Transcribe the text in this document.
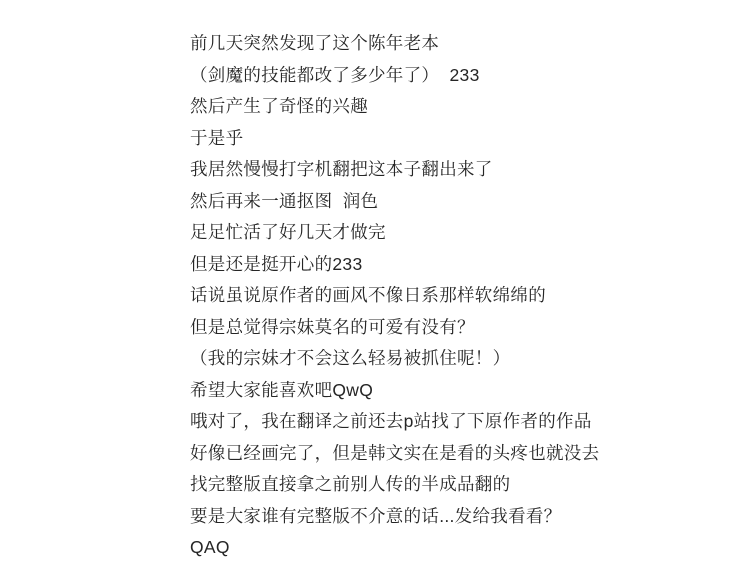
前几天突然发现了这个陈年老本
（剑魔的技能都改了多少年了）  233
然后产生了奇怪的兴趣
于是乎
我居然慢慢打字机翻把这本子翻出来了
然后再来一通抠图  润色
足足忙活了好几天才做完
但是还是挺开心的233
话说虽说原作者的画风不像日系那样软绵绵的
但是总觉得宗妹莫名的可爱有没有？
（我的宗妹才不会这么轻易被抓住呢！）
希望大家能喜欢吧QwQ
哦对了，我在翻译之前还去p站找了下原作者的作品
好像已经画完了，但是韩文实在是看的头疼也就没去
找完整版直接拿之前别人传的半成品翻的
要是大家谁有完整版不介意的话...发给我看看？
QAQ
